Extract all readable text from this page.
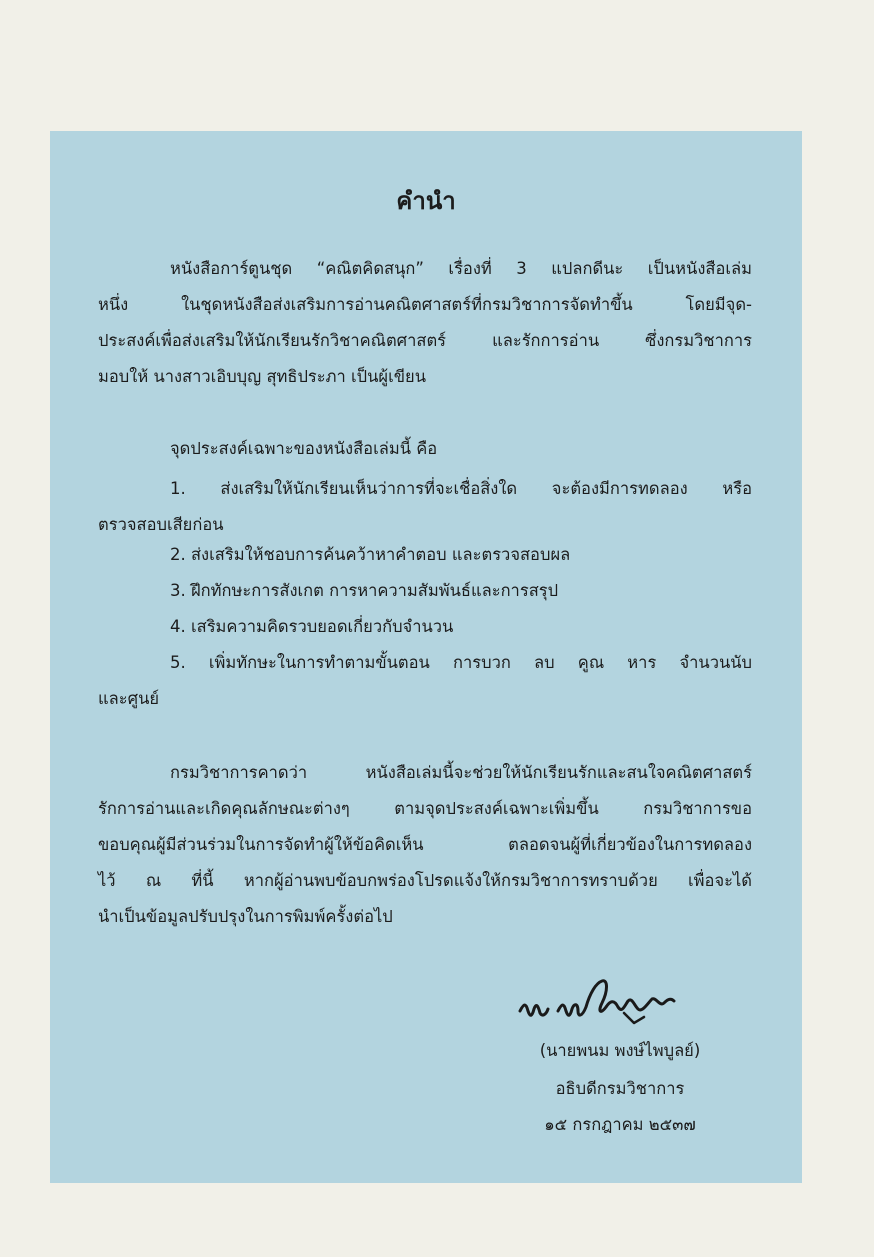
คำนำ

หนังสือการ์ตูนชุด “คณิตคิดสนุก” เรื่องที่ 3 แปลกดีนะ เป็นหนังสือเล่ม
หนึ่ง ในชุดหนังสือส่งเสริมการอ่านคณิตศาสตร์ที่กรมวิชาการจัดทำขึ้น โดยมีจุด-
ประสงค์เพื่อส่งเสริมให้นักเรียนรักวิชาคณิตศาสตร์ และรักการอ่าน ซึ่งกรมวิชาการ
มอบให้ นางสาวเอิบบุญ สุทธิประภา เป็นผู้เขียน

จุดประสงค์เฉพาะของหนังสือเล่มนี้ คือ

1. ส่งเสริมให้นักเรียนเห็นว่าการที่จะเชื่อสิ่งใด จะต้องมีการทดลอง หรือ
ตรวจสอบเสียก่อน

2. ส่งเสริมให้ชอบการค้นคว้าหาคำตอบ และตรวจสอบผล
3. ฝึกทักษะการสังเกต การหาความสัมพันธ์และการสรุป
4. เสริมความคิดรวบยอดเกี่ยวกับจำนวน

5. เพิ่มทักษะในการทำตามขั้นตอน การบวก ลบ คูณ หาร จำนวนนับ
และศูนย์

กรมวิชาการคาดว่า หนังสือเล่มนี้จะช่วยให้นักเรียนรักและสนใจคณิตศาสตร์
รักการอ่านและเกิดคุณลักษณะต่างๆ ตามจุดประสงค์เฉพาะเพิ่มขึ้น กรมวิชาการขอ
ขอบคุณผู้มีส่วนร่วมในการจัดทำผู้ให้ข้อคิดเห็น ตลอดจนผู้ที่เกี่ยวข้องในการทดลอง
ไว้ ณ ที่นี้ หากผู้อ่านพบข้อบกพร่องโปรดแจ้งให้กรมวิชาการทราบด้วย เพื่อจะได้
นำเป็นข้อมูลปรับปรุงในการพิมพ์ครั้งต่อไป

(นายพนม พงษ์ไพบูลย์)
อธิบดีกรมวิชาการ
๑๕ กรกฎาคม ๒๕๓๗
